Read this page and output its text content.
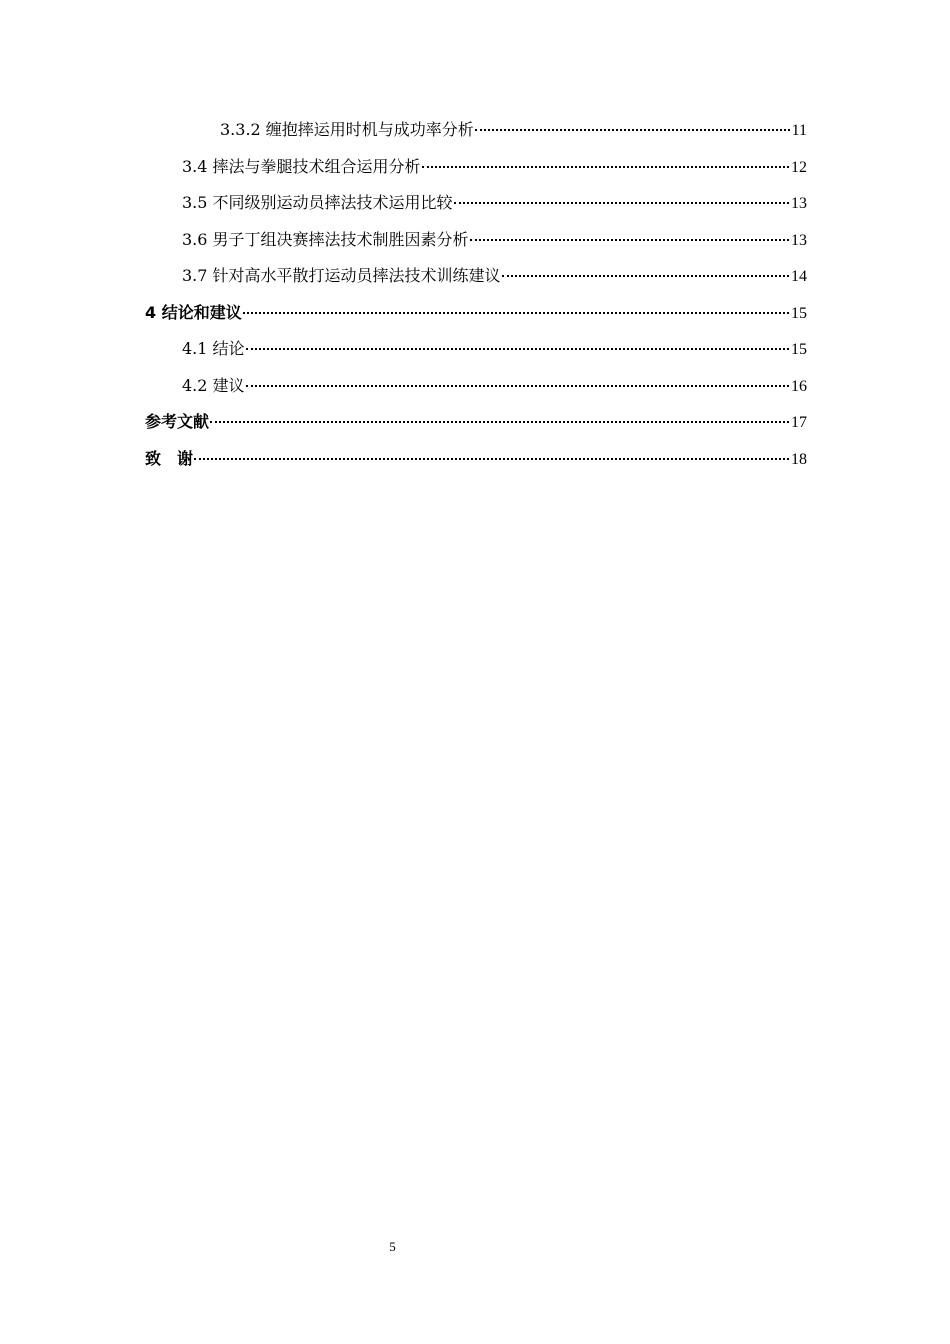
3.3.2 缠抱摔运用时机与成功率分析	11
3.4 摔法与拳腿技术组合运用分析	12
3.5 不同级别运动员摔法技术运用比较	13
3.6 男子丁组决赛摔法技术制胜因素分析	13
3.7 针对高水平散打运动员摔法技术训练建议	14
4 结论和建议	15
4.1 结论	15
4.2 建议	16
参考文献	17
致　谢	18
5
